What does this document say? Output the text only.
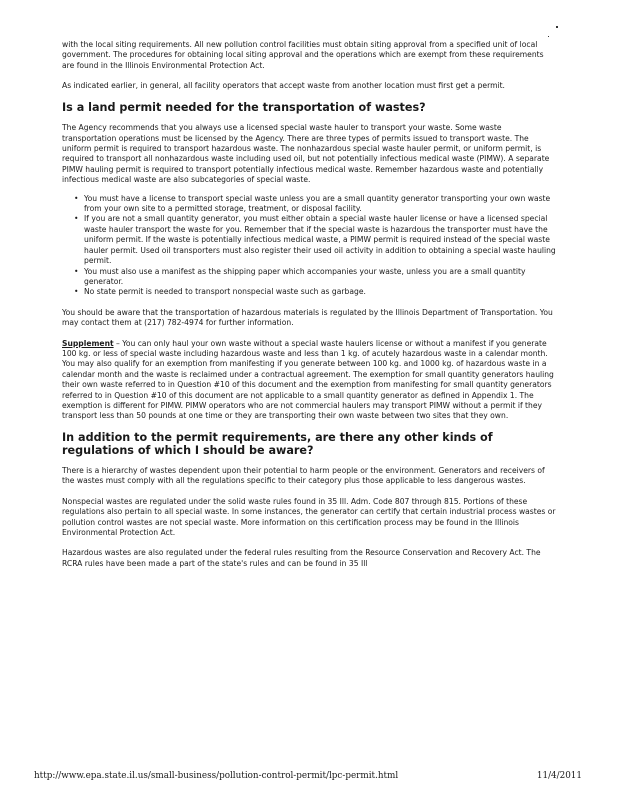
with the local siting requirements. All new pollution control facilities must obtain siting approval from a specified unit of local government. The procedures for obtaining local siting approval and the operations which are exempt from these requirements are found in the Illinois Environmental Protection Act.

As indicated earlier, in general, all facility operators that accept waste from another location must first get a permit.

Is a land permit needed for the transportation of wastes?

The Agency recommends that you always use a licensed special waste hauler to transport your waste. Some waste transportation operations must be licensed by the Agency. There are three types of permits issued to transport waste. The uniform permit is required to transport hazardous waste. The nonhazardous special waste hauler permit, or uniform permit, is required to transport all nonhazardous waste including used oil, but not potentially infectious medical waste (PIMW). A separate PIMW hauling permit is required to transport potentially infectious medical waste. Remember hazardous waste and potentially infectious medical waste are also subcategories of special waste.

• You must have a license to transport special waste unless you are a small quantity generator transporting your own waste from your own site to a permitted storage, treatment, or disposal facility.
• If you are not a small quantity generator, you must either obtain a special waste hauler license or have a licensed special waste hauler transport the waste for you. Remember that if the special waste is hazardous the transporter must have the uniform permit. If the waste is potentially infectious medical waste, a PIMW permit is required instead of the special waste hauler permit. Used oil transporters must also register their used oil activity in addition to obtaining a special waste hauling permit.
• You must also use a manifest as the shipping paper which accompanies your waste, unless you are a small quantity generator.
• No state permit is needed to transport nonspecial waste such as garbage.

You should be aware that the transportation of hazardous materials is regulated by the Illinois Department of Transportation. You may contact them at (217) 782-4974 for further information.

Supplement – You can only haul your own waste without a special waste haulers license or without a manifest if you generate 100 kg. or less of special waste including hazardous waste and less than 1 kg. of acutely hazardous waste in a calendar month. You may also qualify for an exemption from manifesting if you generate between 100 kg. and 1000 kg. of hazardous waste in a calendar month and the waste is reclaimed under a contractual agreement. The exemption for small quantity generators hauling their own waste referred to in Question #10 of this document and the exemption from manifesting for small quantity generators referred to in Question #10 of this document are not applicable to a small quantity generator as defined in Appendix 1. The exemption is different for PIMW. PIMW operators who are not commercial haulers may transport PIMW without a permit if they transport less than 50 pounds at one time or they are transporting their own waste between two sites that they own.

In addition to the permit requirements, are there any other kinds of regulations of which I should be aware?

There is a hierarchy of wastes dependent upon their potential to harm people or the environment. Generators and receivers of the wastes must comply with all the regulations specific to their category plus those applicable to less dangerous wastes.

Nonspecial wastes are regulated under the solid waste rules found in 35 Ill. Adm. Code 807 through 815. Portions of these regulations also pertain to all special waste. In some instances, the generator can certify that certain industrial process wastes or pollution control wastes are not special waste. More information on this certification process may be found in the Illinois Environmental Protection Act.

Hazardous wastes are also regulated under the federal rules resulting from the Resource Conservation and Recovery Act. The RCRA rules have been made a part of the state's rules and can be found in 35 Ill

http://www.epa.state.il.us/small-business/pollution-control-permit/lpc-permit.html	11/4/2011
